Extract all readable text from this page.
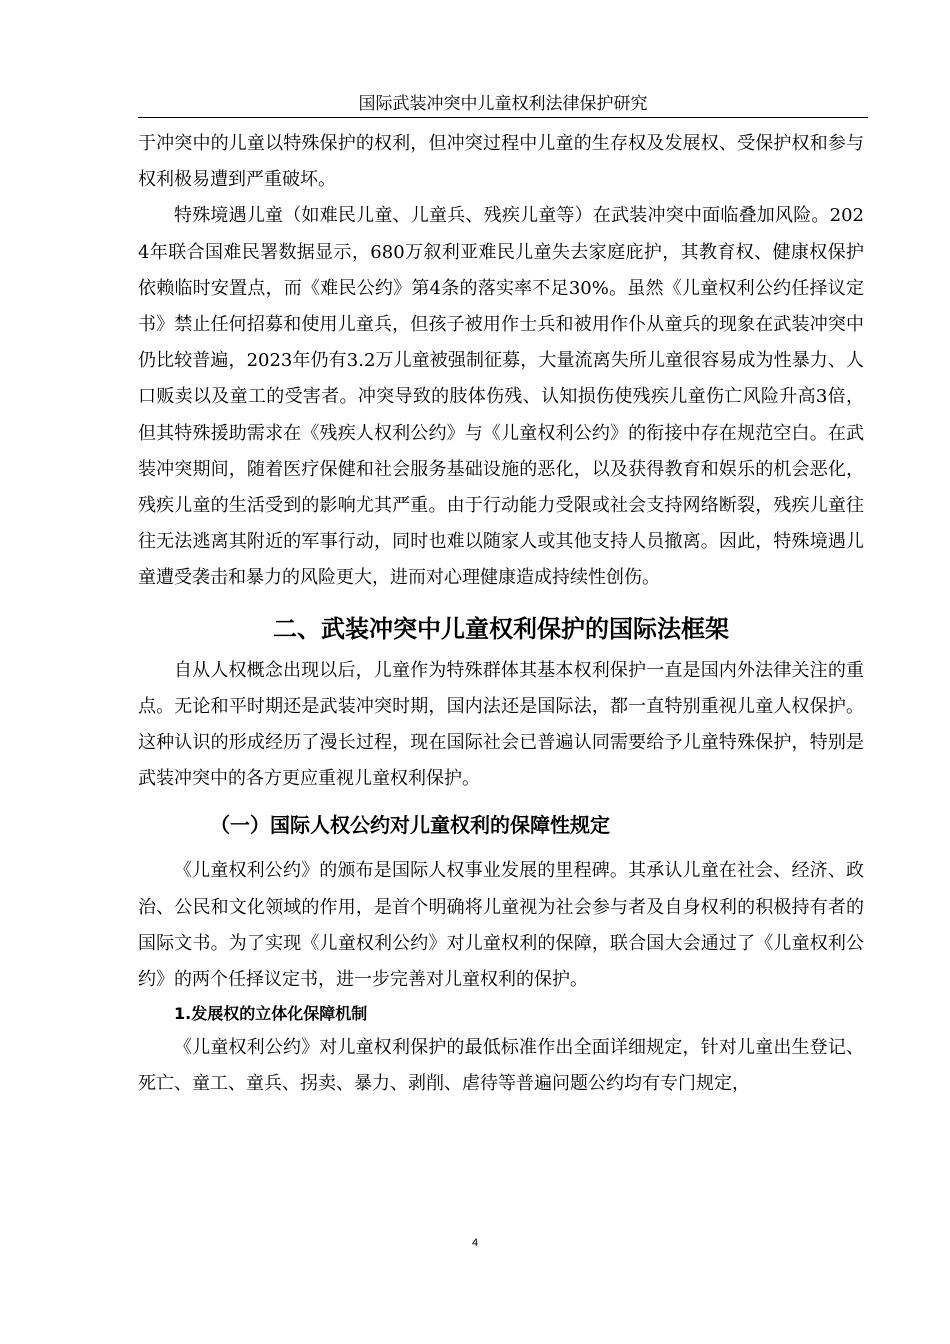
国际武装冲突中儿童权利法律保护研究

于冲突中的儿童以特殊保护的权利，但冲突过程中儿童的生存权及发展权、受保护权和参与权利极易遭到严重破坏。

特殊境遇儿童（如难民儿童、儿童兵、残疾儿童等）在武装冲突中面临叠加风险。2024年联合国难民署数据显示，680万叙利亚难民儿童失去家庭庇护，其教育权、健康权保护依赖临时安置点，而《难民公约》第4条的落实率不足30%。虽然《儿童权利公约任择议定书》禁止任何招募和使用儿童兵，但孩子被用作士兵和被用作仆从童兵的现象在武装冲突中仍比较普遍，2023年仍有3.2万儿童被强制征募，大量流离失所儿童很容易成为性暴力、人口贩卖以及童工的受害者。冲突导致的肢体伤残、认知损伤使残疾儿童伤亡风险升高3倍，但其特殊援助需求在《残疾人权利公约》与《儿童权利公约》的衔接中存在规范空白。在武装冲突期间，随着医疗保健和社会服务基础设施的恶化，以及获得教育和娱乐的机会恶化，残疾儿童的生活受到的影响尤其严重。由于行动能力受限或社会支持网络断裂，残疾儿童往往无法逃离其附近的军事行动，同时也难以随家人或其他支持人员撤离。因此，特殊境遇儿童遭受袭击和暴力的风险更大，进而对心理健康造成持续性创伤。

二、武装冲突中儿童权利保护的国际法框架

自从人权概念出现以后，儿童作为特殊群体其基本权利保护一直是国内外法律关注的重点。无论和平时期还是武装冲突时期，国内法还是国际法，都一直特别重视儿童人权保护。这种认识的形成经历了漫长过程，现在国际社会已普遍认同需要给予儿童特殊保护，特别是武装冲突中的各方更应重视儿童权利保护。

（一）国际人权公约对儿童权利的保障性规定

《儿童权利公约》的颁布是国际人权事业发展的里程碑。其承认儿童在社会、经济、政治、公民和文化领域的作用，是首个明确将儿童视为社会参与者及自身权利的积极持有者的国际文书。为了实现《儿童权利公约》对儿童权利的保障，联合国大会通过了《儿童权利公约》的两个任择议定书，进一步完善对儿童权利的保护。

1.发展权的立体化保障机制

《儿童权利公约》对儿童权利保护的最低标准作出全面详细规定，针对儿童出生登记、死亡、童工、童兵、拐卖、暴力、剥削、虐待等普遍问题公约均有专门规定，

4
